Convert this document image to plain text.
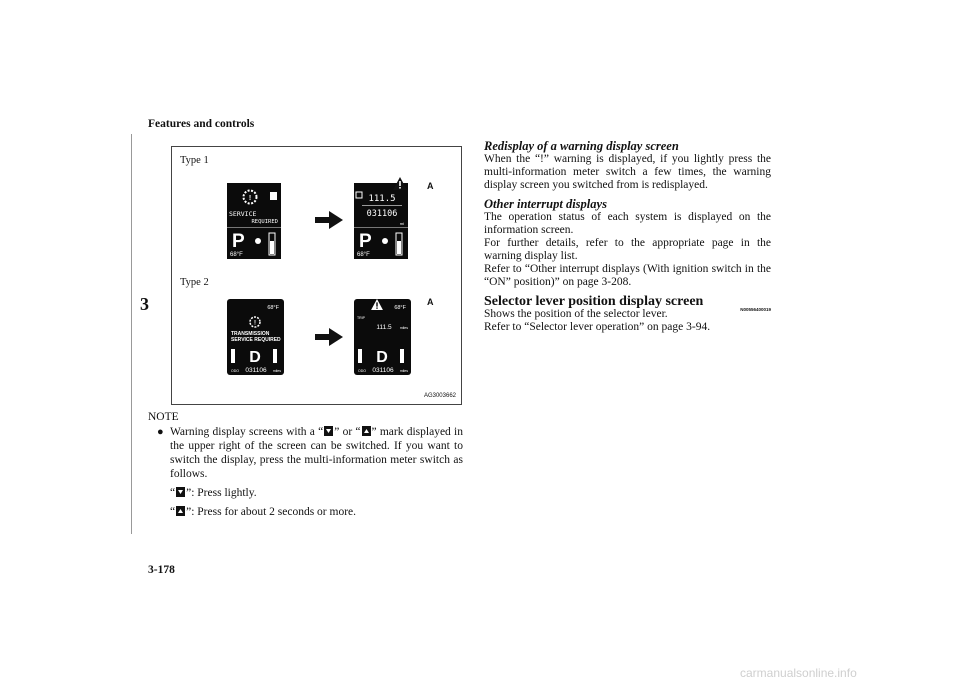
Features and controls
3
Type 1
Type 2
!
SERVICE
REQUIRED
P
68°F
111.5
031106
mi
P
68°F
A
68°F
!
TRANSMISSION
SERVICE REQUIRED
D
ODO 031106 miles
68°F
TRIP
111.5 miles
D
ODO 031106 miles
A
AG3003662
NOTE
● Warning display screens with a “ ” or “ ” mark displayed in the upper right of the screen can be switched. If you want to switch the display, press the multi-information meter switch as follows.
“ ”: Press lightly.
“ ”: Press for about 2 seconds or more.

Redisplay of a warning display screen

When the “!” warning is displayed, if you lightly press the multi-information meter switch a few times, the warning display screen you switched from is redisplayed.

Other interrupt displays

The operation status of each system is displayed on the information screen.

For further details, refer to the appropriate page in the warning display list.

Refer to “Other interrupt displays (With ignition switch in the “ON” position)” on page 3-208.

Selector lever position display screen
N00556400019

Shows the position of the selector lever.

Refer to “Selector lever operation” on page 3-94.

3-178
carmanualsonline.info
